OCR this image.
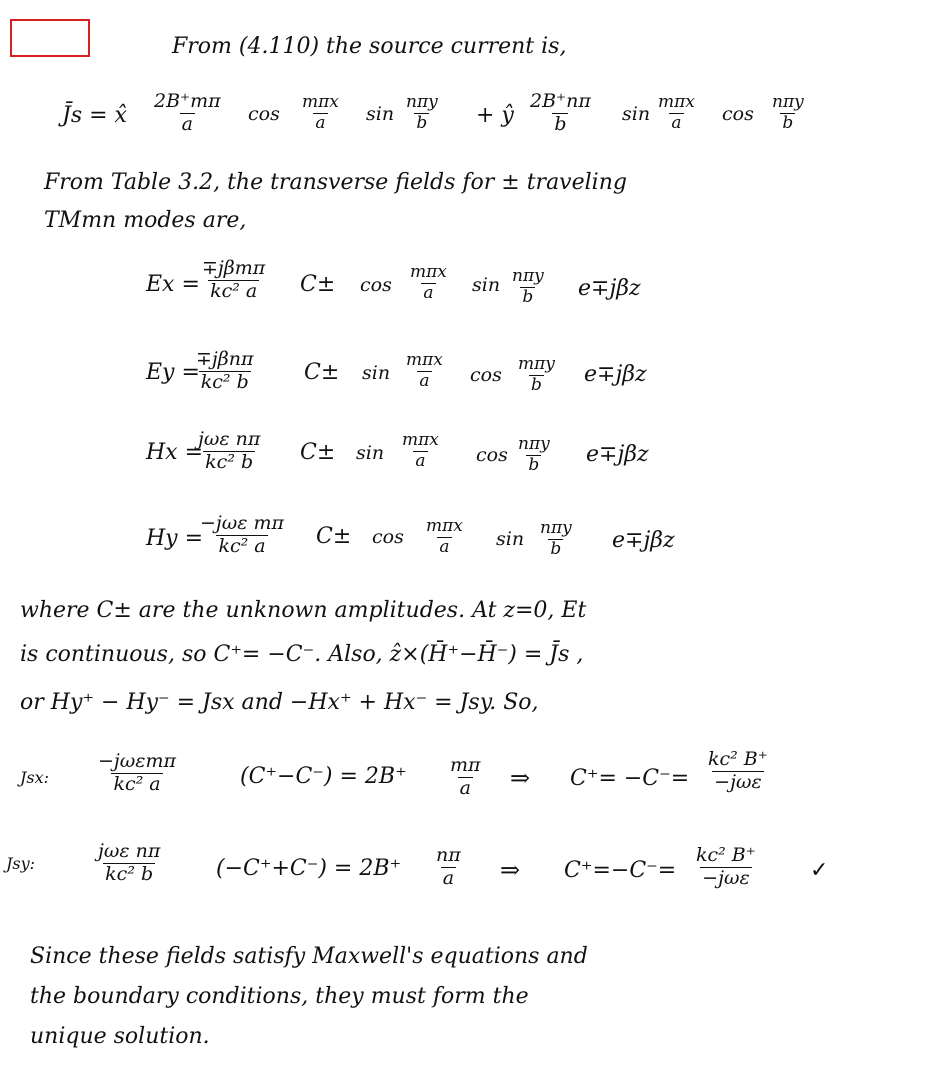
From (4.110) the source current is,
J̄s = x̂ $\frac{2B^+m\pi}{a}$ cos
mπx
a sin
nπy
b + ŷ $\frac{2B^+n\pi}{b}$ sin
mπx
a cos
nπy
b
From Table 3.2, the transverse fields for ± traveling
TMmn modes are,
Ex =
∓jβmπ
kc² a C± cos
mπx
a sin nπy
b e∓jβz
Ey =
∓jβnπ
kc² b	C± sin
mπx
a cos mπy
b e∓jβz
Hx =
jωε nπ
kc² b C± sin
mπx
a	cos nπy
b e∓jβz
Hy =
−jωε mπ
kc² a C± cos mπx
a sin nπy
b e∓jβz
where C± are the unknown amplitudes. At z=0, Et
is continuous, so C⁺= −C⁻. Also, ẑ×(H̄⁺−H̄⁻) = J̄s ,
or Hy⁺ − Hy⁻ = Jsx and −Hx⁺ + Hx⁻ = Jsy. So,
Jsx:
−jωεmπ
kc² a	$(C^+-C^-) = 2B^+ \frac{m\pi}{a}$ ⇒ C⁺= −C⁻=
kc² B⁺
−jωε
Jsy:
jωε nπ
kc² b	$(-C^++C^-) = 2B^+ \frac{n\pi}{a}$ ⇒ C⁺=−C⁻=
kc² B⁺
−jωε	✓
Since these fields satisfy Maxwell's equations and
the boundary conditions, they must form the
unique solution.
